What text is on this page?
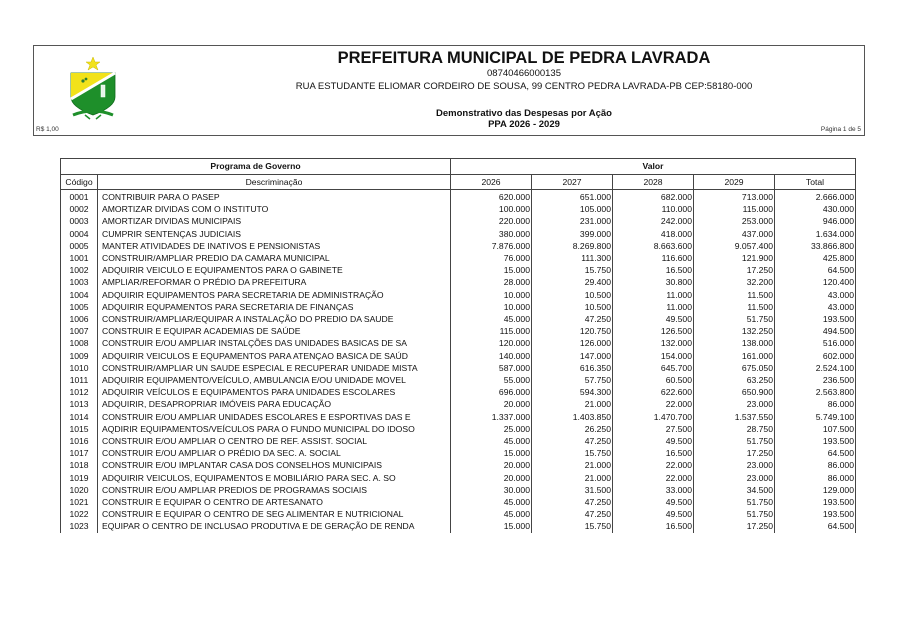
PREFEITURA MUNICIPAL DE PEDRA LAVRADA
08740466000135
RUA ESTUDANTE ELIOMAR CORDEIRO DE SOUSA, 99 CENTRO PEDRA LAVRADA-PB CEP:58180-000
Demonstrativo das Despesas por Ação
PPA 2026 - 2029
R$ 1,00	Página 1 de 5
Programa de Governo		Valor				
Código	Descriminação	2026	2027	2028	2029	Total
0001	CONTRIBUIR PARA O PASEP	620.000	651.000	682.000	713.000	2.666.000
0002	AMORTIZAR DIVIDAS COM O INSTITUTO	100.000	105.000	110.000	115.000	430.000
0003	AMORTIZAR DIVIDAS MUNICIPAIS	220.000	231.000	242.000	253.000	946.000
0004	CUMPRIR SENTENÇAS JUDICIAIS	380.000	399.000	418.000	437.000	1.634.000
0005	MANTER ATIVIDADES DE INATIVOS E PENSIONISTAS	7.876.000	8.269.800	8.663.600	9.057.400	33.866.800
1001	CONSTRUIR/AMPLIAR PREDIO DA CAMARA MUNICIPAL	76.000	111.300	116.600	121.900	425.800
1002	ADQUIRIR VEICULO E EQUIPAMENTOS PARA O GABINETE	15.000	15.750	16.500	17.250	64.500
1003	AMPLIAR/REFORMAR O PRÉDIO DA PREFEITURA	28.000	29.400	30.800	32.200	120.400
1004	ADQUIRIR EQUIPAMENTOS PARA SECRETARIA DE ADMINISTRAÇÃO	10.000	10.500	11.000	11.500	43.000
1005	ADQUIRIR EQUPAMENTOS PARA SECRETARIA DE FINANÇAS	10.000	10.500	11.000	11.500	43.000
1006	CONSTRUIR/AMPLIAR/EQUIPAR A INSTALAÇÃO DO PREDIO DA SAUDE	45.000	47.250	49.500	51.750	193.500
1007	CONSTRUIR E EQUIPAR ACADEMIAS DE SAÚDE	115.000	120.750	126.500	132.250	494.500
1008	CONSTRUIR E/OU AMPLIAR INSTALÇÕES DAS UNIDADES BASICAS DE SA	120.000	126.000	132.000	138.000	516.000
1009	ADQUIRIR VEICULOS E EQUPAMENTOS PARA ATENÇAO BASICA DE SAÚD	140.000	147.000	154.000	161.000	602.000
1010	CONSTRUIR/AMPLIAR UN SAUDE ESPECIAL E RECUPERAR UNIDADE MISTA	587.000	616.350	645.700	675.050	2.524.100
1011	ADQUIRIR EQUIPAMENTO/VEÍCULO, AMBULANCIA E/OU UNIDADE MOVEL	55.000	57.750	60.500	63.250	236.500
1012	ADQUIRIR VEÍCULOS E EQUIPAMENTOS PARA UNIDADES ESCOLARES	696.000	594.300	622.600	650.900	2.563.800
1013	ADQUIRIR, DESAPROPRIAR IMÓVEIS PARA EDUCAÇÃO	20.000	21.000	22.000	23.000	86.000
1014	CONSTRUIR E/OU AMPLIAR UNIDADES ESCOLARES E ESPORTIVAS DAS E	1.337.000	1.403.850	1.470.700	1.537.550	5.749.100
1015	AQDIRIR EQUIPAMENTOS/VEÍCULOS PARA O FUNDO MUNICIPAL DO IDOSO	25.000	26.250	27.500	28.750	107.500
1016	CONSTRUIR E/OU AMPLIAR O CENTRO DE REF. ASSIST. SOCIAL	45.000	47.250	49.500	51.750	193.500
1017	CONSTRUIR E/OU AMPLIAR O PRÉDIO DA SEC. A. SOCIAL	15.000	15.750	16.500	17.250	64.500
1018	CONSTRUIR E/OU IMPLANTAR CASA DOS CONSELHOS MUNICIPAIS	20.000	21.000	22.000	23.000	86.000
1019	ADQUIRIR VEICULOS, EQUIPAMENTOS E MOBILIÁRIO PARA SEC. A. SO	20.000	21.000	22.000	23.000	86.000
1020	CONSTRUIR E/OU AMPLIAR PREDIOS DE PROGRAMAS SOCIAIS	30.000	31.500	33.000	34.500	129.000
1021	CONSTRUIR E EQUIPAR O CENTRO DE ARTESANATO	45.000	47.250	49.500	51.750	193.500
1022	CONSTRUIR E EQUIPAR O CENTRO DE SEG ALIMENTAR E NUTRICIONAL	45.000	47.250	49.500	51.750	193.500
1023	EQUIPAR O CENTRO DE INCLUSAO PRODUTIVA E DE GERAÇÃO DE RENDA	15.000	15.750	16.500	17.250	64.500
